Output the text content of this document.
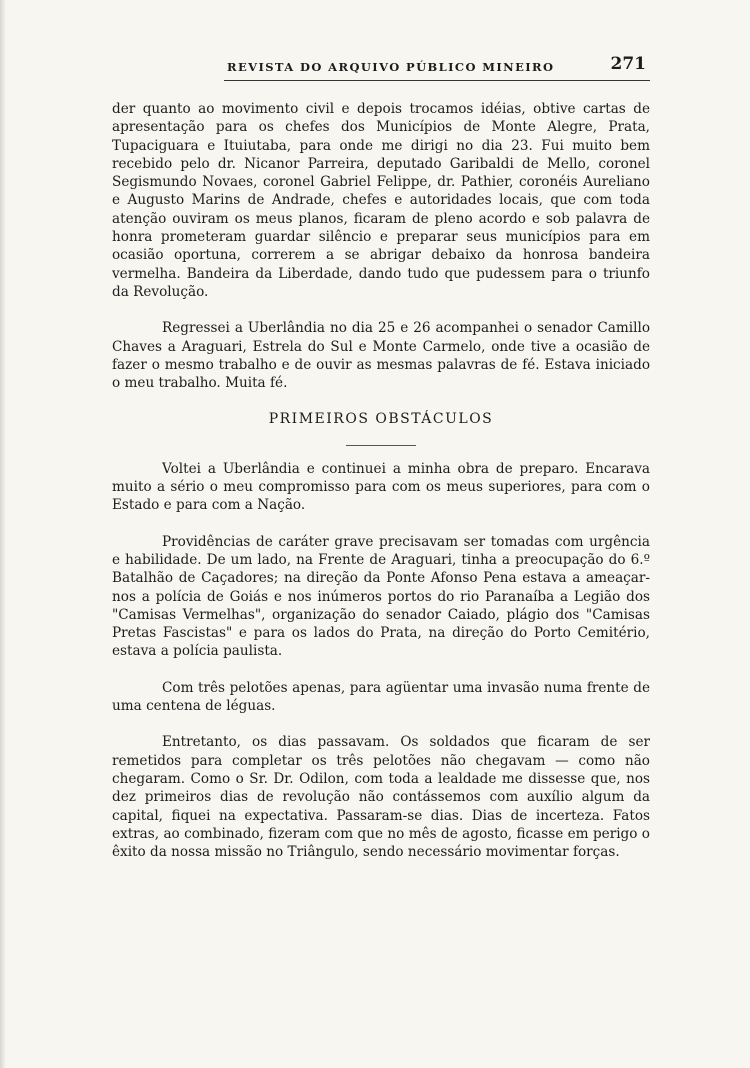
REVISTA DO ARQUIVO PÚBLICO MINEIRO	271

der quanto ao movimento civil e depois trocamos idéias, obtive cartas de apresentação para os chefes dos Municípios de Monte Alegre, Prata, Tupaciguara e Ituiutaba, para onde me dirigi no dia 23. Fui muito bem recebido pelo dr. Nicanor Parreira, deputado Garibaldi de Mello, coronel Segismundo Novaes, coronel Gabriel Felippe, dr. Pathier, coronéis Aureliano e Augusto Marins de Andrade, chefes e autoridades locais, que com toda atenção ouviram os meus planos, ficaram de pleno acordo e sob palavra de honra prometeram guardar silêncio e preparar seus municípios para em ocasião oportuna, correrem a se abrigar debaixo da honrosa bandeira vermelha. Bandeira da Liberdade, dando tudo que pudessem para o triunfo da Revolução.

Regressei a Uberlândia no dia 25 e 26 acompanhei o senador Camillo Chaves a Araguari, Estrela do Sul e Monte Carmelo, onde tive a ocasião de fazer o mesmo trabalho e de ouvir as mesmas palavras de fé. Estava iniciado o meu trabalho. Muita fé.

PRIMEIROS OBSTÁCULOS

Voltei a Uberlândia e continuei a minha obra de preparo. Encarava muito a sério o meu compromisso para com os meus superiores, para com o Estado e para com a Nação.

Providências de caráter grave precisavam ser tomadas com urgência e habilidade. De um lado, na Frente de Araguari, tinha a preocupação do 6.º Batalhão de Caçadores; na direção da Ponte Afonso Pena estava a ameaçar-nos a polícia de Goiás e nos inúmeros portos do rio Paranaíba a Legião dos "Camisas Vermelhas", organização do senador Caiado, plágio dos "Camisas Pretas Fascistas" e para os lados do Prata, na direção do Porto Cemitério, estava a polícia paulista.

Com três pelotões apenas, para agüentar uma invasão numa frente de uma centena de léguas.

Entretanto, os dias passavam. Os soldados que ficaram de ser remetidos para completar os três pelotões não chegavam — como não chegaram. Como o Sr. Dr. Odilon, com toda a lealdade me dissesse que, nos dez primeiros dias de revolução não contássemos com auxílio algum da capital, fiquei na expectativa. Passaram-se dias. Dias de incerteza. Fatos extras, ao combinado, fizeram com que no mês de agosto, ficasse em perigo o êxito da nossa missão no Triângulo, sendo necessário movimentar forças.
